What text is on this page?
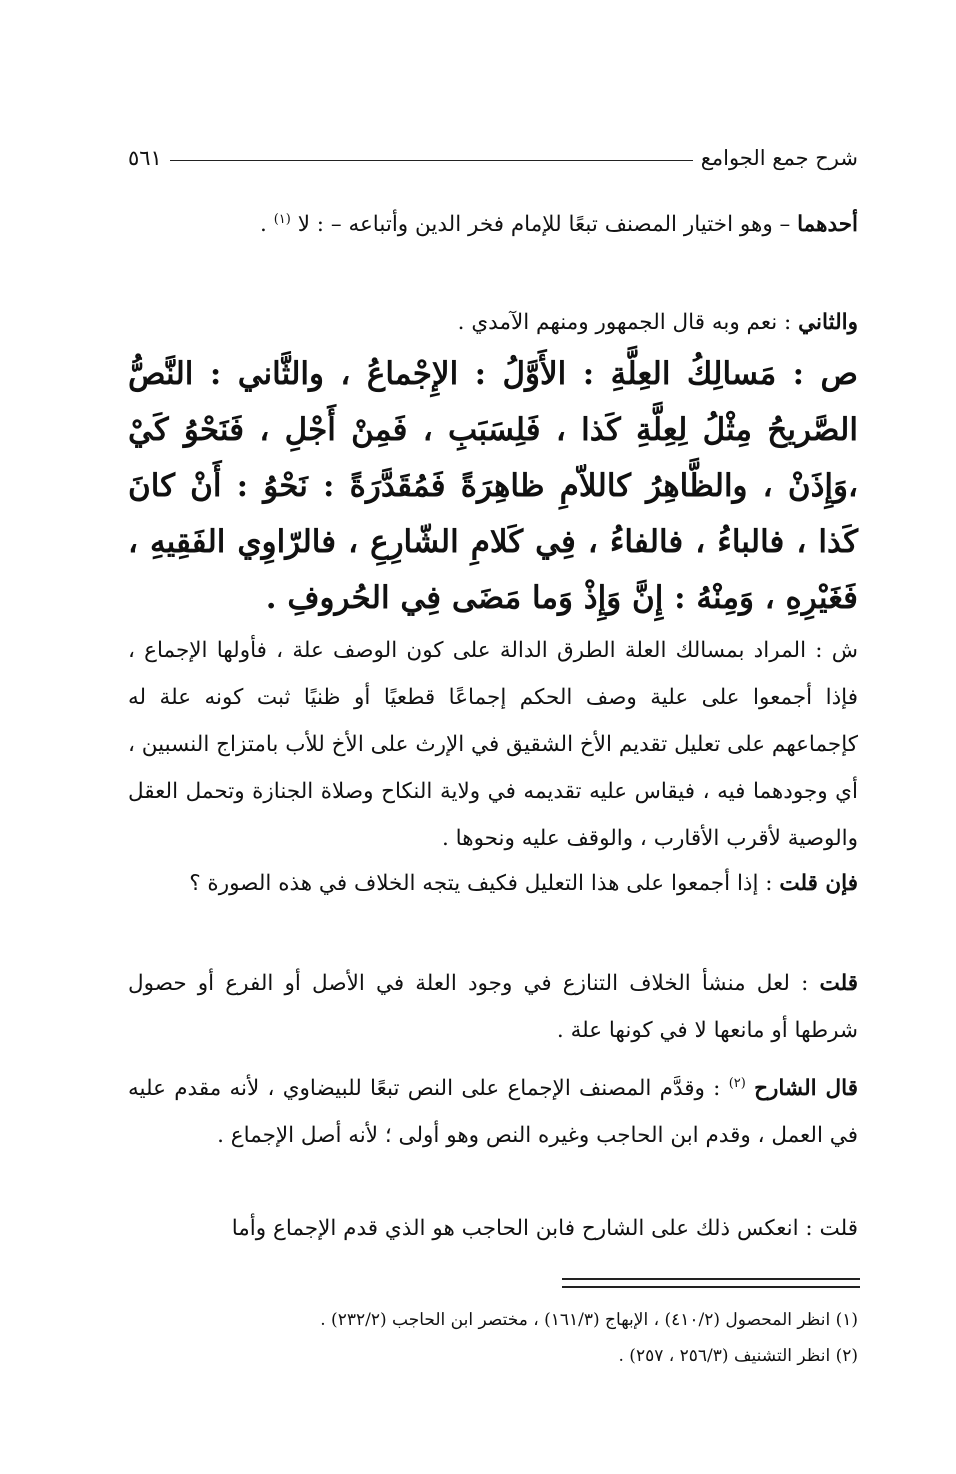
شرح جمع الجوامع
٥٦١

أحدهما – وهو اختيار المصنف تبعًا للإمام فخر الدين وأتباعه – : لا $^{(١)}$ .

والثاني : نعم وبه قال الجمهور ومنهم الآمدي .

ص : مَسالِكُ العِلَّةِ : الأَوَّلُ : الإِجْماعُ ، والثَّاني : النَّصُّ الصَّريحُ مِثْلُ لِعِلَّةِ كَذا ، فَلِسَبَبِ ، فَمِنْ أَجْلِ ، فَنَحْوُ كَيْ ،وَإِذَنْ ، والظَّاهِرُ كاللاّمِ ظاهِرَةً فَمُقَدَّرَةً : نَحْوُ : أَنْ كانَ كَذا ، فالباءُ ، فالفاءُ ، فِي كَلامِ الشّارِعِ ، فالرّاوِي الفَقِيهِ ، فَغَيْرِهِ ، وَمِنْهُ : إِنَّ وَإِذْ وَما مَضَى فِي الحُروفِ .

ش : المراد بمسالك العلة الطرق الدالة على كون الوصف علة ، فأولها الإجماع ، فإذا أجمعوا على علية وصف الحكم إجماعًا قطعيًا أو ظنيًا ثبت كونه علة له كإجماعهم على تعليل تقديم الأخ الشقيق في الإرث على الأخ للأب بامتزاج النسبين ، أي وجودهما فيه ، فيقاس عليه تقديمه في ولاية النكاح وصلاة الجنازة وتحمل العقل والوصية لأقرب الأقارب ، والوقف عليه ونحوها .

فإن قلت : إذا أجمعوا على هذا التعليل فكيف يتجه الخلاف في هذه الصورة ؟

قلت : لعل منشأ الخلاف التنازع في وجود العلة في الأصل أو الفرع أو حصول شرطها أو مانعها لا في كونها علة .

قال الشارح $^{(٢)}$ : وقدَّم المصنف الإجماع على النص تبعًا للبيضاوي ، لأنه مقدم عليه في العمل ، وقدم ابن الحاجب وغيره النص وهو أولى ؛ لأنه أصل الإجماع .

قلت : انعكس ذلك على الشارح فابن الحاجب هو الذي قدم الإجماع وأما

(١) انظر المحصول (٤١٠/٢) ، الإبهاج (١٦١/٣) ، مختصر ابن الحاجب (٢٣٢/٢) .
(٢) انظر التشنيف (٢٥٦/٣ ، ٢٥٧) .
